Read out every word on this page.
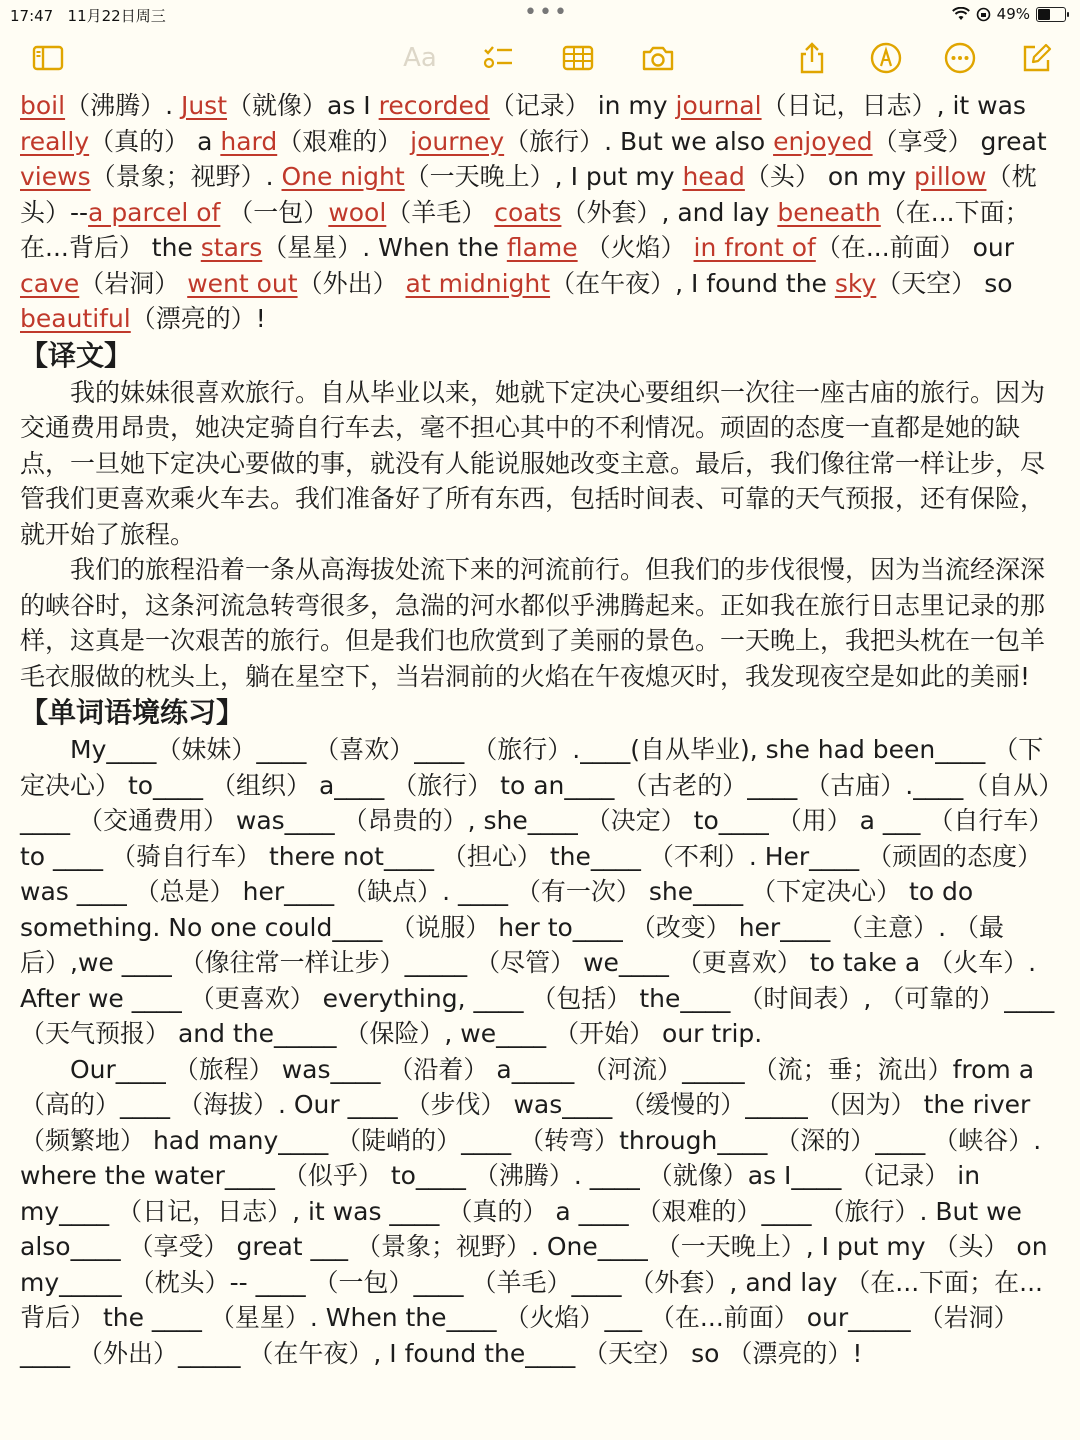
17:47 11月22日周三	•••	49%
Aa

boil（沸腾）. Just（就像）as I recorded（记录） in my journal（日记，日志）, it was really（真的） a hard（艰难的） journey（旅行）. But we also enjoyed（享受） great views（景象；视野）. One night（一天晚上）, I put my head（头） on my pillow（枕头）--a parcel of （一包）wool（羊毛） coats（外套）, and lay beneath（在...下面；在...背后） the stars（星星）. When the flame （火焰） in front of（在...前面） our cave（岩洞） went out（外出） at midnight（在午夜）, I found the sky（天空） so beautiful（漂亮的）!

【译文】

我的妹妹很喜欢旅行。自从毕业以来，她就下定决心要组织一次往一座古庙的旅行。因为交通费用昂贵，她决定骑自行车去，毫不担心其中的不利情况。顽固的态度一直都是她的缺点，一旦她下定决心要做的事，就没有人能说服她改变主意。最后，我们像往常一样让步，尽管我们更喜欢乘火车去。我们准备好了所有东西，包括时间表、可靠的天气预报，还有保险，就开始了旅程。

我们的旅程沿着一条从高海拔处流下来的河流前行。但我们的步伐很慢，因为当流经深深的峡谷时，这条河流急转弯很多，急湍的河水都似乎沸腾起来。正如我在旅行日志里记录的那样，这真是一次艰苦的旅行。但是我们也欣赏到了美丽的景色。一天晚上，我把头枕在一包羊毛衣服做的枕头上，躺在星空下，当岩洞前的火焰在午夜熄灭时，我发现夜空是如此的美丽!

【单词语境练习】

My____（妹妹）____ （喜欢）____ （旅行）.____(自从毕业), she had been____ （下定决心） to____ （组织） a____ （旅行） to an____ （古老的）____ （古庙）.____（自从）____ （交通费用） was____ （昂贵的）, she____ （决定） to____ （用） a ___ （自行车） to ____ （骑自行车） there not____ （担心） the____ （不利）. Her____ （顽固的态度） was ____ （总是） her____ （缺点）. ____ （有一次） she____ （下定决心） to do something. No one could____ （说服） her to____ （改变） her____ （主意）. （最后）,we ____ （像往常一样让步）_____ （尽管） we____ （更喜欢） to take a （火车）. After we ____ （更喜欢） everything, ____ （包括） the____ （时间表）, （可靠的）____ （天气预报） and the_____ （保险）, we____ （开始） our trip.

Our____ （旅程） was____ （沿着） a_____ （河流）_____ （流；垂；流出）from a （高的）____ （海拔）. Our ____ （步伐） was____ （缓慢的）_____ （因为） the river （频繁地） had many____ （陡峭的）____ （转弯）through____ （深的）____ （峡谷）. where the water____ （似乎） to____ （沸腾）. ____ （就像）as I____ （记录） in my____ （日记，日志）, it was ____ （真的） a ____ （艰难的）____ （旅行）. But we also____ （享受） great ___ （景象；视野）. One____ （一天晚上）, I put my （头） on my_____ （枕头）-- ____ （一包）____ （羊毛）____ （外套）, and lay （在...下面；在...背后） the ____ （星星）. When the____ （火焰）___ （在...前面） our_____ （岩洞）____ （外出）_____ （在午夜）, I found the____ （天空） so （漂亮的）!
